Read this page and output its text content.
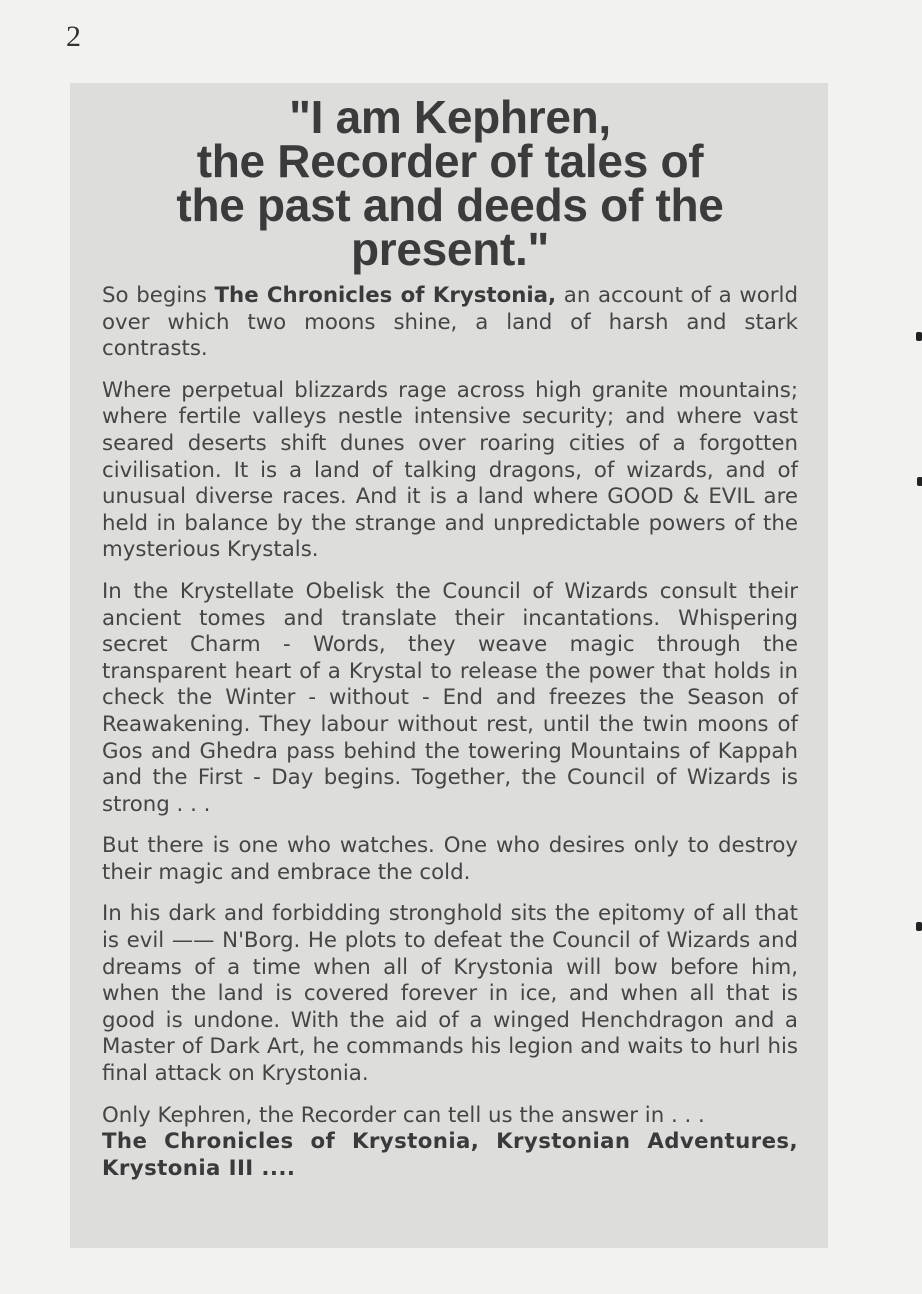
2
"I am Kephren,
the Recorder of tales of
the past and deeds of the
present."

So begins The Chronicles of Krystonia, an account of a world over which two moons shine, a land of harsh and stark contrasts.

Where perpetual blizzards rage across high granite mountains; where fertile valleys nestle intensive security; and where vast seared deserts shift dunes over roaring cities of a forgotten civilisation. It is a land of talking dragons, of wizards, and of unusual diverse races. And it is a land where GOOD & EVIL are held in balance by the strange and unpredictable powers of the mysterious Krystals.

In the Krystellate Obelisk the Council of Wizards consult their ancient tomes and translate their incantations. Whispering secret Charm - Words, they weave magic through the transparent heart of a Krystal to release the power that holds in check the Winter - without - End and freezes the Season of Reawakening. They labour without rest, until the twin moons of Gos and Ghedra pass behind the towering Mountains of Kappah and the First - Day begins. Together, the Council of Wizards is strong . . .

But there is one who watches. One who desires only to destroy their magic and embrace the cold.

In his dark and forbidding stronghold sits the epitomy of all that is evil —— N'Borg. He plots to defeat the Council of Wizards and dreams of a time when all of Krystonia will bow before him, when the land is covered forever in ice, and when all that is good is undone. With the aid of a winged Henchdragon and a Master of Dark Art, he commands his legion and waits to hurl his final attack on Krystonia.

Only Kephren, the Recorder can tell us the answer in . . .
The Chronicles of Krystonia, Krystonian Adventures, Krystonia III ....
